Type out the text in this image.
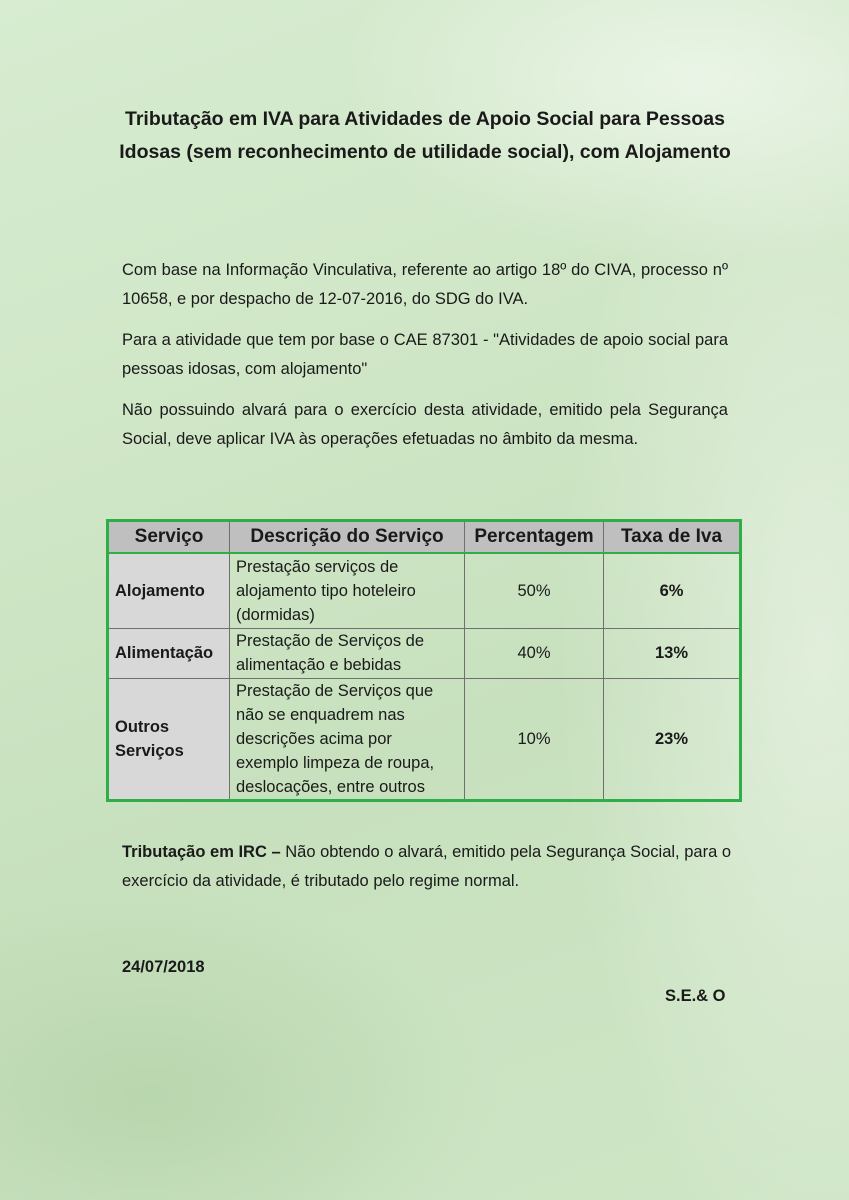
Tributação em IVA para Atividades de Apoio Social para Pessoas Idosas (sem reconhecimento de utilidade social), com Alojamento

Com base na Informação Vinculativa, referente ao artigo 18º do CIVA, processo nº 10658, e por despacho de 12-07-2016, do SDG do IVA.

Para a atividade que tem por base o CAE 87301 - "Atividades de apoio social para pessoas idosas, com alojamento"

Não possuindo alvará para o exercício desta atividade, emitido pela Segurança Social, deve aplicar IVA às operações efetuadas no âmbito da mesma.

Serviço	Descrição do Serviço	Percentagem	Taxa de Iva
Alojamento	Prestação serviços de alojamento tipo hoteleiro (dormidas)	50%	6%
Alimentação	Prestação de Serviços de alimentação e bebidas	40%	13%
Outros Serviços	Prestação de Serviços que não se enquadrem nas descrições acima por exemplo limpeza de roupa, deslocações, entre outros	10%	23%

Tributação em IRC – Não obtendo o alvará, emitido pela Segurança Social, para o exercício da atividade, é tributado pelo regime normal.

24/07/2018
S.E.& O
